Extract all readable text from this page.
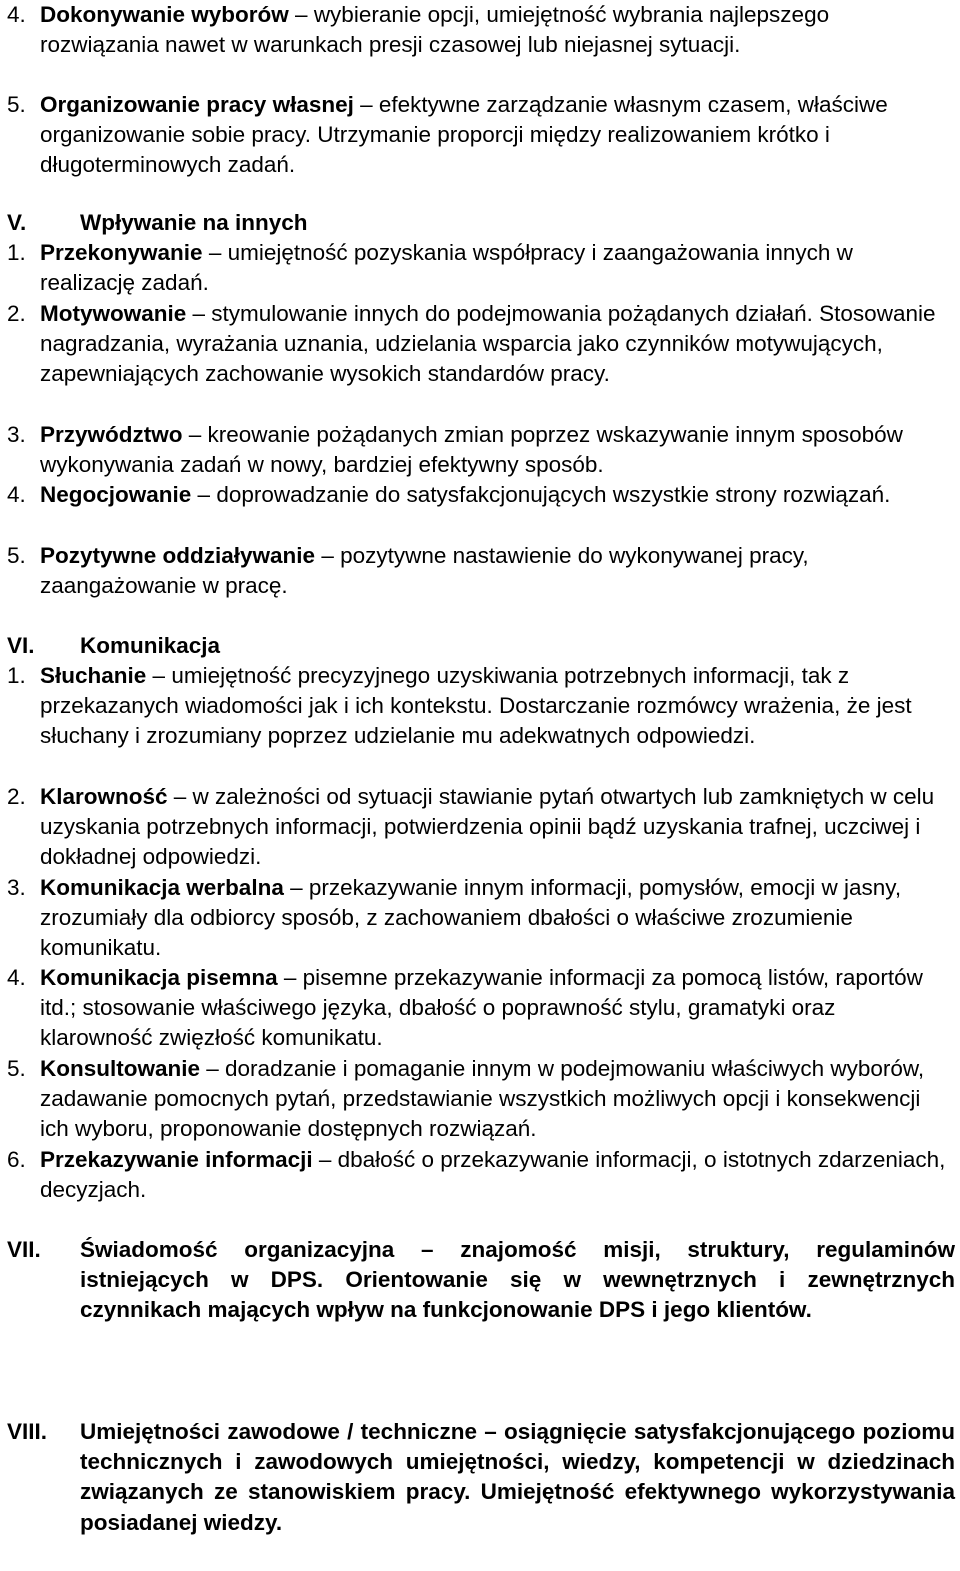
4. Dokonywanie wyborów – wybieranie opcji, umiejętność wybrania najlepszego rozwiązania nawet w warunkach presji czasowej lub niejasnej sytuacji.
5. Organizowanie pracy własnej – efektywne zarządzanie własnym czasem, właściwe organizowanie sobie pracy. Utrzymanie proporcji między realizowaniem krótko i długoterminowych zadań.
V. Wpływanie na innych
1. Przekonywanie – umiejętność pozyskania współpracy i zaangażowania innych w realizację zadań.
2. Motywowanie – stymulowanie innych do podejmowania pożądanych działań. Stosowanie nagradzania, wyrażania uznania, udzielania wsparcia jako czynników motywujących, zapewniających zachowanie wysokich standardów pracy.
3. Przywództwo – kreowanie pożądanych zmian poprzez wskazywanie innym sposobów wykonywania zadań w nowy, bardziej efektywny sposób.
4. Negocjowanie – doprowadzanie do satysfakcjonujących wszystkie strony rozwiązań.
5. Pozytywne oddziaływanie – pozytywne nastawienie do wykonywanej pracy, zaangażowanie w pracę.
VI. Komunikacja
1. Słuchanie – umiejętność precyzyjnego uzyskiwania potrzebnych informacji, tak z przekazanych wiadomości jak i ich kontekstu. Dostarczanie rozmówcy wrażenia, że jest słuchany i zrozumiany poprzez udzielanie mu adekwatnych odpowiedzi.
2. Klarowność – w zależności od sytuacji stawianie pytań otwartych lub zamkniętych w celu uzyskania potrzebnych informacji, potwierdzenia opinii bądź uzyskania trafnej, uczciwej i dokładnej odpowiedzi.
3. Komunikacja werbalna – przekazywanie innym informacji, pomysłów, emocji w jasny, zrozumiały dla odbiorcy sposób, z zachowaniem dbałości o właściwe zrozumienie komunikatu.
4. Komunikacja pisemna – pisemne przekazywanie informacji za pomocą listów, raportów itd.; stosowanie właściwego języka, dbałość o poprawność stylu, gramatyki oraz klarowność zwięzłość komunikatu.
5. Konsultowanie – doradzanie i pomaganie innym w podejmowaniu właściwych wyborów, zadawanie pomocnych pytań, przedstawianie wszystkich możliwych opcji i konsekwencji ich wyboru, proponowanie dostępnych rozwiązań.
6. Przekazywanie informacji – dbałość o przekazywanie informacji, o istotnych zdarzeniach, decyzjach.
VII. Świadomość organizacyjna – znajomość misji, struktury, regulaminów istniejących w DPS. Orientowanie się w wewnętrznych i zewnętrznych czynnikach mających wpływ na funkcjonowanie DPS i jego klientów.
VIII. Umiejętności zawodowe / techniczne – osiągnięcie satysfakcjonującego poziomu technicznych i zawodowych umiejętności, wiedzy, kompetencji w dziedzinach związanych ze stanowiskiem pracy. Umiejętność efektywnego wykorzystywania posiadanej wiedzy.
